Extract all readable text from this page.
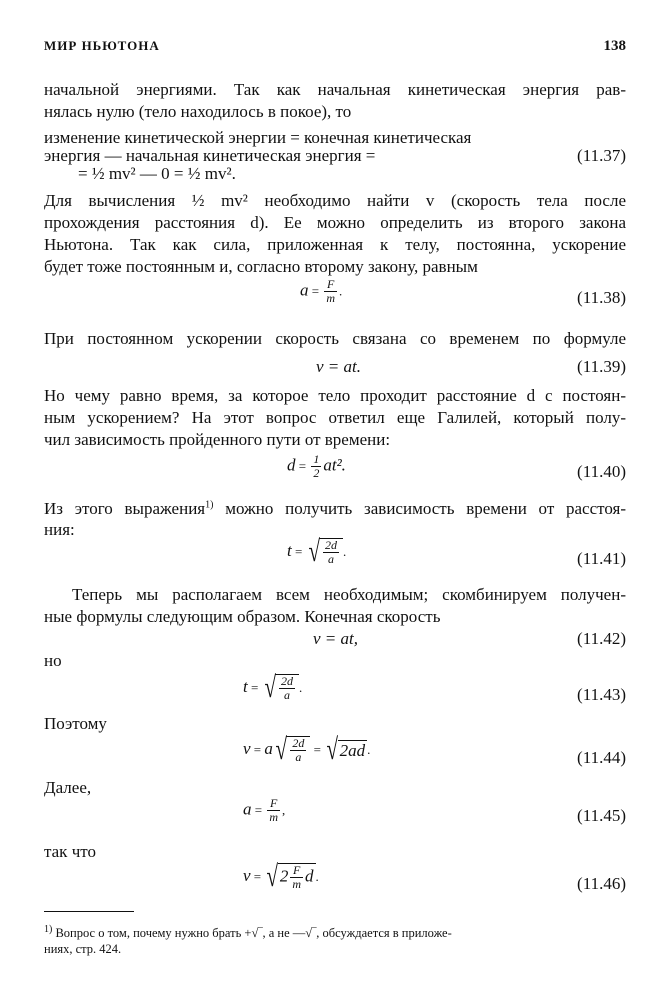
МИР НЬЮТОНА	138
начальной энергиями. Так как начальная кинетическая энергия рав-
нялась нулю (тело находилось в покое), то
изменение кинетической энергии = конечная кинетическая
энергия — начальная кинетическая энергия =	(11.37)
= ½ mv² — 0 = ½ mv².
Для вычисления ½ mv² необходимо найти v (скорость тела после
прохождения расстояния d). Ее можно определить из второго закона
Ньютона. Так как сила, приложенная к телу, постоянна, ускорение
будет тоже постоянным и, согласно второму закону, равным
$a = \frac{F}{m}$ .	(11.38)
При постоянном ускорении скорость связана со временем по формуле
v = at.	(11.39)
Но чему равно время, за которое тело проходит расстояние d с постоян-
ным ускорением? На этот вопрос ответил еще Галилей, который полу-
чил зависимость пройденного пути от времени:
$d = \frac{1}{2} at^2$.	(11.40)
Из этого выражения$^{1)}$ можно получить зависимость времени от расстоя-
ния:
t = √ $\frac{2d}{a}$ .	(11.41)
Теперь мы располагаем всем необходимым; скомбинируем получен-
ные формулы следующим образом. Конечная скорость
v = at,	(11.42)
но
t = √ $\frac{2d}{a}$ .	(11.43)
Поэтому
$v = a√ \frac{2d}{a} = √2ad$ .	(11.44)
Далее,
$a = \frac{F}{m}$ ,	(11.45)
так что
$v = √2 \frac{F}{m}$ d .	(11.46)
$^{1)}$ Вопрос о том, почему нужно брать +√‾, а не —√‾, обсуждается в приложе-
ниях, стр. 424.
